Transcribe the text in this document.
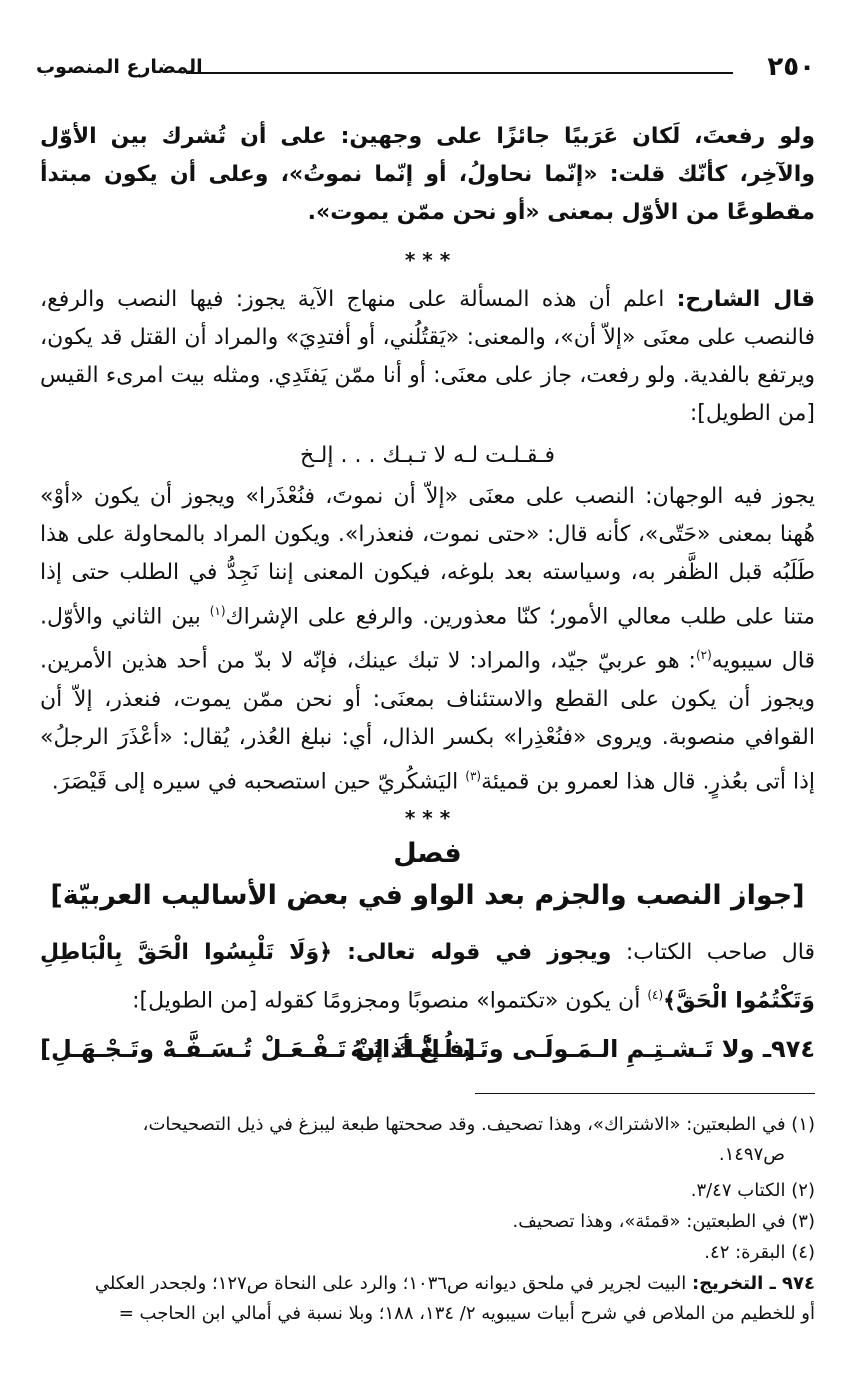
٢٥٠
المضارع المنصوب

ولو رفعتَ، لَكان عَرَبيًا جائزًا على وجهين: على أن تُشرك بين الأوّل والآخِر، كأنّك قلت: «إنّما نحاولُ، أو إنّما نموتُ»، وعلى أن يكون مبتدأ مقطوعًا من الأوّل بمعنى «أو نحن ممّن يموت».

* * *

قال الشارح: اعلم أن هذه المسألة على منهاج الآية يجوز: فيها النصب والرفع، فالنصب على معنَى «إلاّ أن»، والمعنى: «يَقتُلُني، أو أفتدِيَ» والمراد أن القتل قد يكون، ويرتفع بالفدية. ولو رفعت، جاز على معنَى: أو أنا ممّن يَفتَدِي. ومثله بيت امرىء القيس [من الطويل]:

فـقـلـت لـه لا تـبـك . . . إلـخ

يجوز فيه الوجهان: النصب على معنَى «إلاّ أن نموتَ، فنُعْذَرا» ويجوز أن يكون «أوْ» هُهنا بمعنى «حَتّى»، كأنه قال: «حتى نموت، فنعذرا». ويكون المراد بالمحاولة على هذا طَلَبُه قبل الظَّفر به، وسياسته بعد بلوغه، فيكون المعنى إننا نَجِدُّ في الطلب حتى إذا متنا على طلب معالي الأمور؛ كنّا معذورين. والرفع على الإشراك$^{(١)}$ بين الثاني والأوّل. قال سيبويه$^{(٢)}$: هو عربيّ جيّد، والمراد: لا تبك عينك، فإنّه لا بدّ من أحد هذين الأمرين. ويجوز أن يكون على القطع والاستئناف بمعنَى: أو نحن ممّن يموت، فنعذر، إلاّ أن القوافي منصوبة. ويروى «فنُعْذِرا» بكسر الذال، أي: نبلغ العُذر، يُقال: «أعْذَرَ الرجلُ» إذا أتى بعُذرٍ. قال هذا لعمرو بن قميئة$^{(٣)}$ اليَشكُريّ حين استصحبه في سيره إلى قَيْصَرَ.

* * *
فصل
[جواز النصب والجزم بعد الواو في بعض الأساليب العربيّة]

قال صاحب الكتاب: ويجوز في قوله تعالى: ﴿وَلَا تَلْبِسُوا الْحَقَّ بِالْبَاطِلِ وَتَكْتُمُوا الْحَقَّ﴾$^{(٤)}$ أن يكون «تكتموا» منصوبًا ومجزومًا كقوله [من الطويل]:

٩٧٤ـ ولا تَـشـتِـمِ الـمَـولَـى وتَـبـلُـغْ أذاتَـهُ
[فـإنَّـكَ إنْ تَـفْـعَـلْ تُـسَـفَّـهْ وتَـجْـهَـلِ]

(١) في الطبعتين: «الاشتراك»، وهذا تصحيف. وقد صححتها طبعة ليبزغ في ذيل التصحيحات،
ص١٤٩٧.

(٢) الكتاب ٣/٤٧.

(٣) في الطبعتين: «قمئة»، وهذا تصحيف.

(٤) البقرة: ٤٢.

٩٧٤ ـ التخريج: البيت لجرير في ملحق ديوانه ص١٠٣٦؛ والرد على النحاة ص١٢٧؛ ولجحدر العكلي
أو للخطيم من الملاص في شرح أبيات سيبويه ٢/ ١٣٤، ١٨٨؛ وبلا نسبة في أمالي ابن الحاجب =
